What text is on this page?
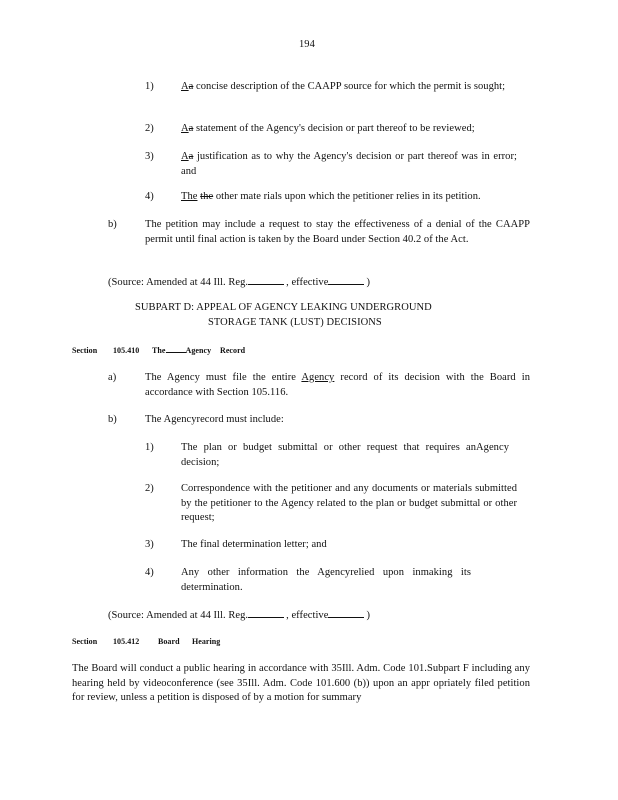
194
1)	Aa concise description of the CAAPP source for which the permit is sought;
2)	Aa statement of the Agency's decision or part thereof to be reviewed;
3)	Aa justification as to why the Agency's decision or part thereof was in error; and
4)	The the other mate rials upon which the petitioner relies in its petition.
b)	The petition may include a request to stay the effectiveness of a denial of the CAAPP permit until final action is taken by the Board under Section 40.2 of the Act.
(Source: Amended at 44 Ill. Reg.	, effective	)
SUBPART D: APPEAL OF AGENCY LEAKING UNDERGROUND
STORAGE TANK (LUST) DECISIONS
Section 105.410 The	Agency Record
a)	The Agency must file the entire Agency record of its decision with the Board in accordance with Section 105.116.
b)	The Agencyrecord must include:
1)	The plan or budget submittal or other request that requires anAgency decision;
2)	Correspondence with the petitioner and any documents or materials submitted by the petitioner to the Agency related to the plan or budget submittal or other request;
3)	The final determination letter; and
4)	Any other information the Agencyrelied upon inmaking its determination.
(Source: Amended at 44 Ill. Reg.	, effective	)
Section 105.412 Board Hearing
The Board will conduct a public hearing in accordance with 35Ill. Adm. Code 101.Subpart F including any hearing held by videoconference (see 35Ill. Adm. Code 101.600 (b)) upon an appr opriately filed petition for review, unless a petition is disposed of by a motion for summary
